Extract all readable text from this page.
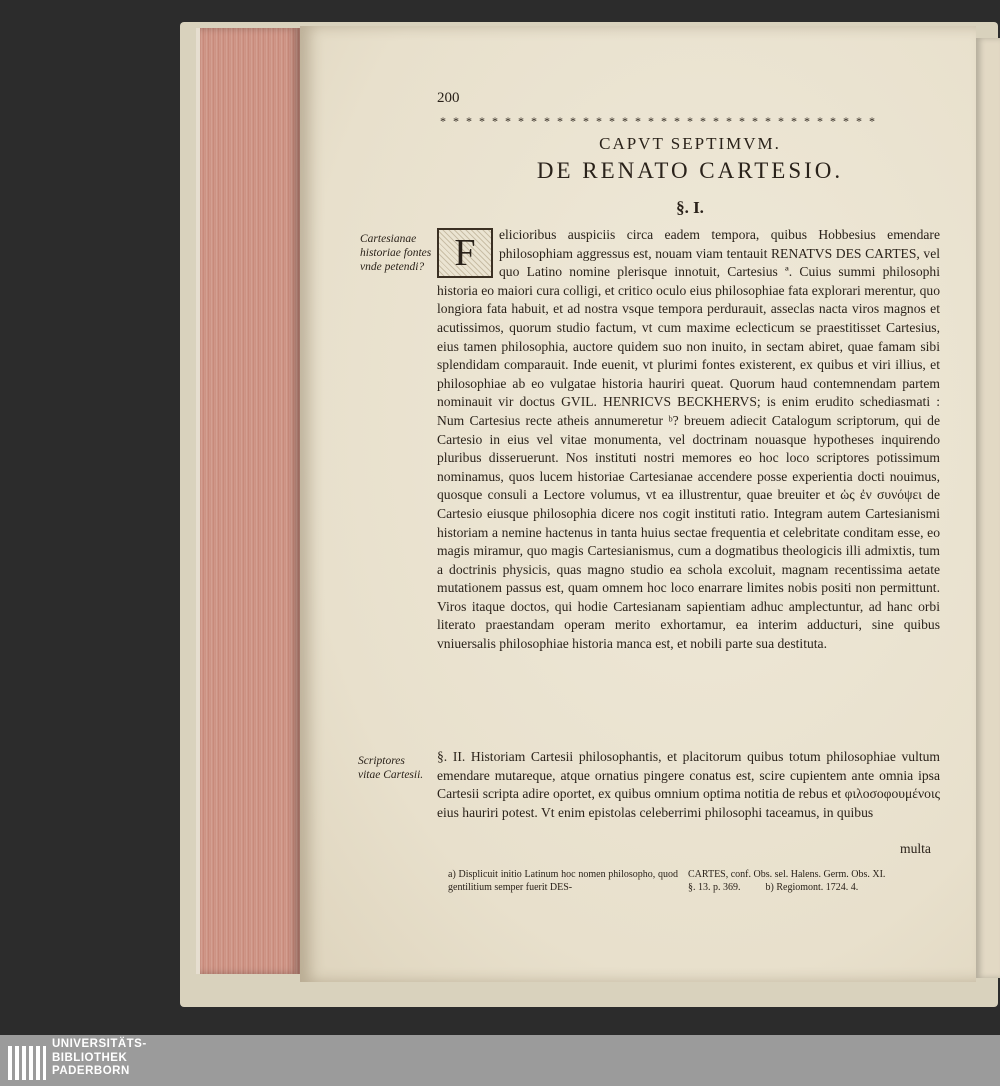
200
* * * * * * * * * * * * * * * * * * * * * * * * * * * * * * * * * *
CAPVT SEPTIMVM.
DE RENATO CARTESIO.
§. I.
Cartesianae historiae fontes vnde petendi?
Scriptores vitae Cartesii.
F	elicioribus auspiciis circa eadem tempora, quibus Hobbesius emendare philosophiam aggressus est, nouam viam tentauit RENATVS DES CARTES, vel quo Latino nomine plerisque innotuit, Cartesius ª. Cuius summi philosophi historia eo maiori cura colligi, et critico oculo eius philosophiae fata explorari merentur, quo longiora fata habuit, et ad nostra vsque tempora perdurauit, asseclas nacta viros magnos et acutissimos, quorum studio factum, vt cum maxime eclecticum se praestitisset Cartesius, eius tamen philosophia, auctore quidem suo non inuito, in sectam abiret, quae famam sibi splendidam comparauit. Inde euenit, vt plurimi fontes existerent, ex quibus et viri illius, et philosophiae ab eo vulgatae historia hauriri queat. Quorum haud contemnendam partem nominauit vir doctus GVIL. HENRICVS BECKHERVS; is enim erudito schediasmati : Num Cartesius recte atheis annumeretur ᵇ? breuem adiecit Catalogum scriptorum, qui de Cartesio in eius vel vitae monumenta, vel doctrinam nouasque hypotheses inquirendo pluribus disseruerunt. Nos instituti nostri memores eo hoc loco scriptores potissimum nominamus, quos lucem historiae Cartesianae accendere posse experientia docti nouimus, quosque consuli a Lectore volumus, vt ea illustrentur, quae breuiter et ὡς ἐν συνόψει de Cartesio eiusque philosophia dicere nos cogit instituti ratio. Integram autem Cartesianismi historiam a nemine hactenus in tanta huius sectae frequentia et celebritate conditam esse, eo magis miramur, quo magis Cartesianismus, cum a dogmatibus theologicis illi admixtis, tum a doctrinis physicis, quas magno studio ea schola excoluit, magnam recentissima aetate mutationem passus est, quam omnem hoc loco enarrare limites nobis positi non permittunt. Viros itaque doctos, qui hodie Cartesianam sapientiam adhuc amplectuntur, ad hanc orbi literato praestandam operam merito exhortamur, ea interim adducturi, sine quibus vniuersalis philosophiae historia manca est, et nobili parte sua destituta.
§. II. Historiam Cartesii philosophantis, et placitorum quibus totum philosophiae vultum emendare mutareque, atque ornatius pingere conatus est, scire cupientem ante omnia ipsa Cartesii scripta adire oportet, ex quibus omnium optima notitia de rebus et φιλοσοφουμένοις eius hauriri potest. Vt enim epistolas celeberrimi philosophi taceamus, in quibus
multa
a) Displicuit initio Latinum hoc nomen philosopho, quod gentilitium semper fuerit DES-
CARTES, conf. Obs. sel. Halens. Germ. Obs. XI.
§. 13. p. 369.          b) Regiomont. 1724. 4.
UNIVERSITÄTS-
BIBLIOTHEK
PADERBORN
